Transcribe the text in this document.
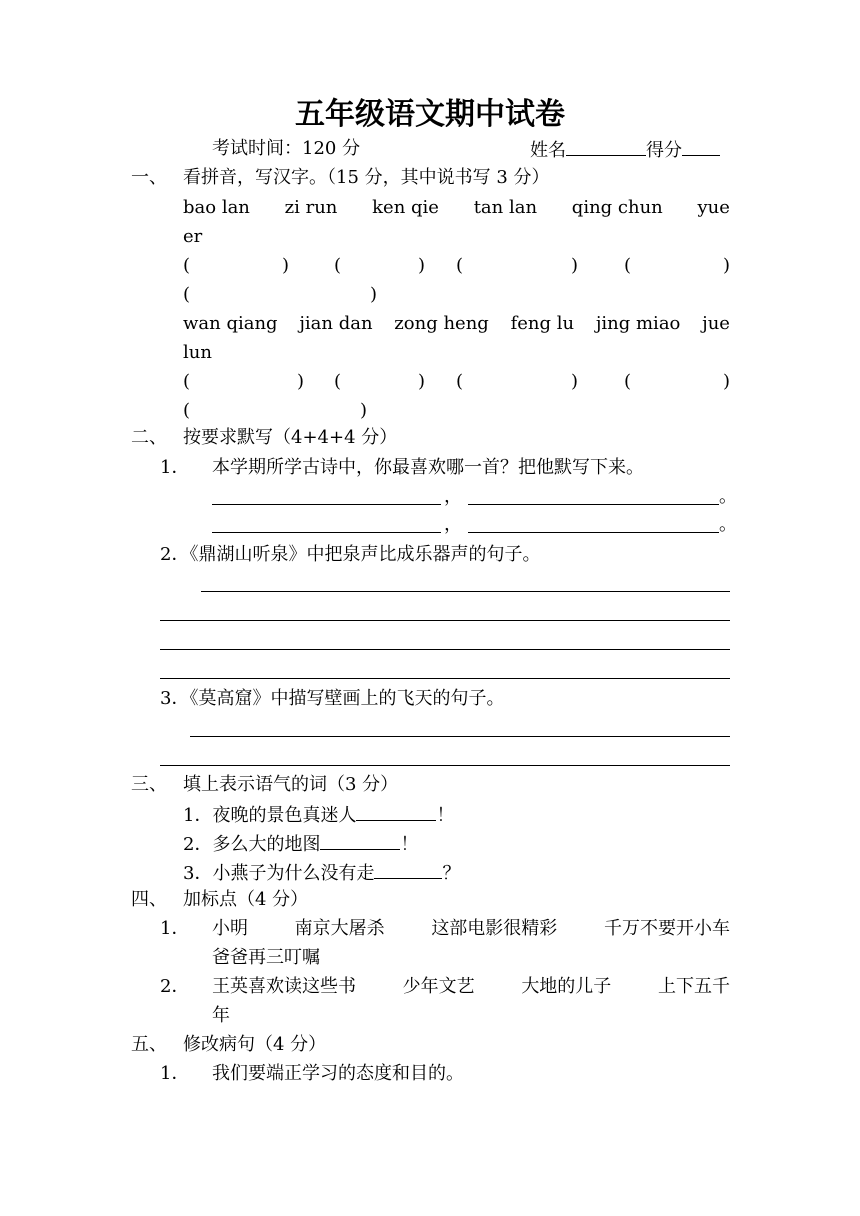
五年级语文期中试卷
考试时间：120 分	姓名	得分
一、 看拼音，写汉字。（15 分，其中说书写 3 分）
bao lan zi run ken qie tan lan qing chun yue
er
(	) (	) (	)	(	)
(	)
wan qiang jian dan zong heng feng lu jing miao jue
lun
(	) (	) (	)	(	)
(	)
二、 按要求默写（4+4+4 分）
1． 本学期所学古诗中，你最喜欢哪一首？把他默写下来。
，	。
，	。
2．《鼎湖山听泉》中把泉声比成乐器声的句子。
3．《莫高窟》中描写壁画上的飞天的句子。
三、 填上表示语气的词（3 分）
1．夜晚的景色真迷人	！
2．多么大的地图	！
3．小燕子为什么没有走	？
四、 加标点（4 分）
1． 小明	南京大屠杀	这部电影很精彩	千万不要开小车
爸爸再三叮嘱
2． 王英喜欢读这些书	少年文艺	大地的儿子	上下五千
年
五、 修改病句（4 分）
1． 我们要端正学习的态度和目的。
